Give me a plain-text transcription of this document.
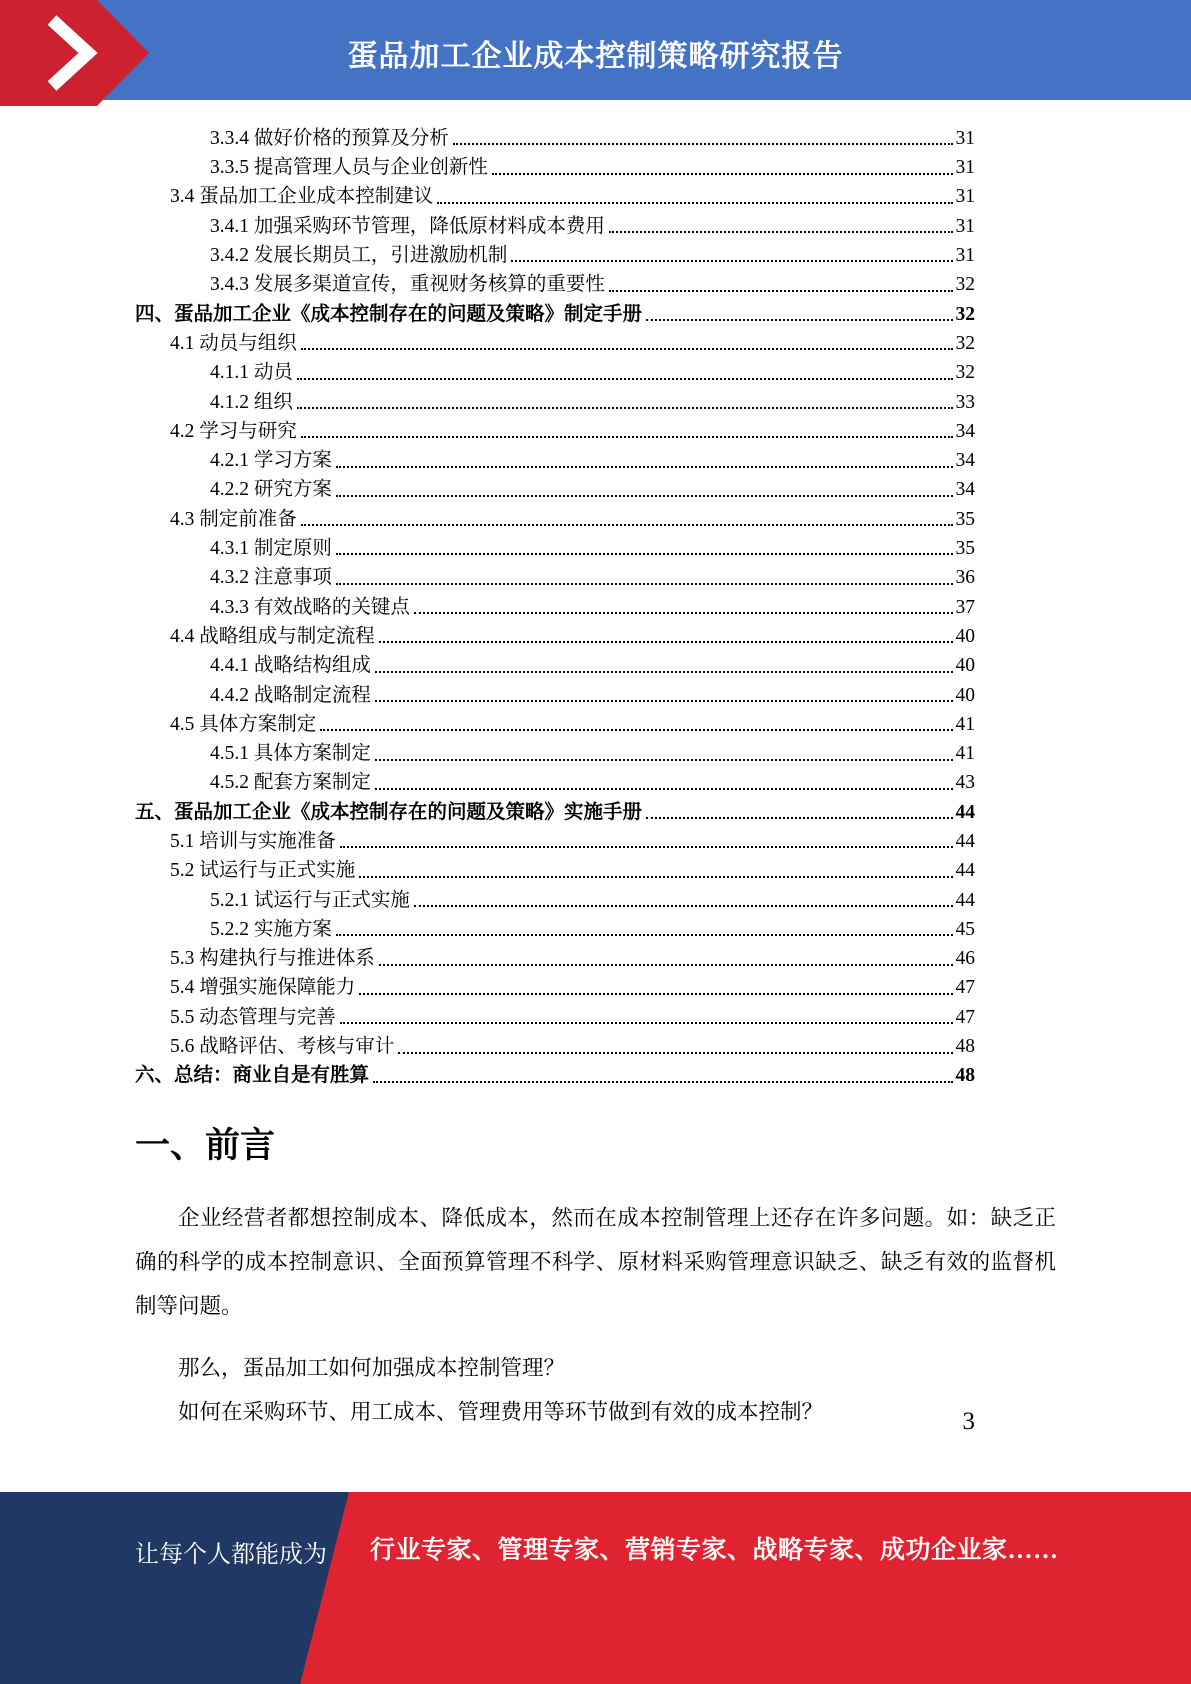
蛋品加工企业成本控制策略研究报告
3.3.4 做好价格的预算及分析	31
3.3.5 提高管理人员与企业创新性	31
3.4 蛋品加工企业成本控制建议	31
3.4.1 加强采购环节管理，降低原材料成本费用	31
3.4.2 发展长期员工，引进激励机制	31
3.4.3 发展多渠道宣传，重视财务核算的重要性	32
四、蛋品加工企业《成本控制存在的问题及策略》制定手册	32
4.1 动员与组织	32
4.1.1 动员	32
4.1.2 组织	33
4.2 学习与研究	34
4.2.1 学习方案	34
4.2.2 研究方案	34
4.3 制定前准备	35
4.3.1 制定原则	35
4.3.2 注意事项	36
4.3.3 有效战略的关键点	37
4.4 战略组成与制定流程	40
4.4.1 战略结构组成	40
4.4.2 战略制定流程	40
4.5 具体方案制定	41
4.5.1 具体方案制定	41
4.5.2 配套方案制定	43
五、蛋品加工企业《成本控制存在的问题及策略》实施手册	44
5.1 培训与实施准备	44
5.2 试运行与正式实施	44
5.2.1 试运行与正式实施	44
5.2.2 实施方案	45
5.3 构建执行与推进体系	46
5.4 增强实施保障能力	47
5.5 动态管理与完善	47
5.6 战略评估、考核与审计	48
六、总结：商业自是有胜算	48
一、前言

企业经营者都想控制成本、降低成本，然而在成本控制管理上还存在许多问题。如：缺乏正确的科学的成本控制意识、全面预算管理不科学、原材料采购管理意识缺乏、缺乏有效的监督机制等问题。

那么，蛋品加工如何加强成本控制管理？

如何在采购环节、用工成本、管理费用等环节做到有效的成本控制？	3
让每个人都能成为 行业专家、管理专家、营销专家、战略专家、成功企业家……
